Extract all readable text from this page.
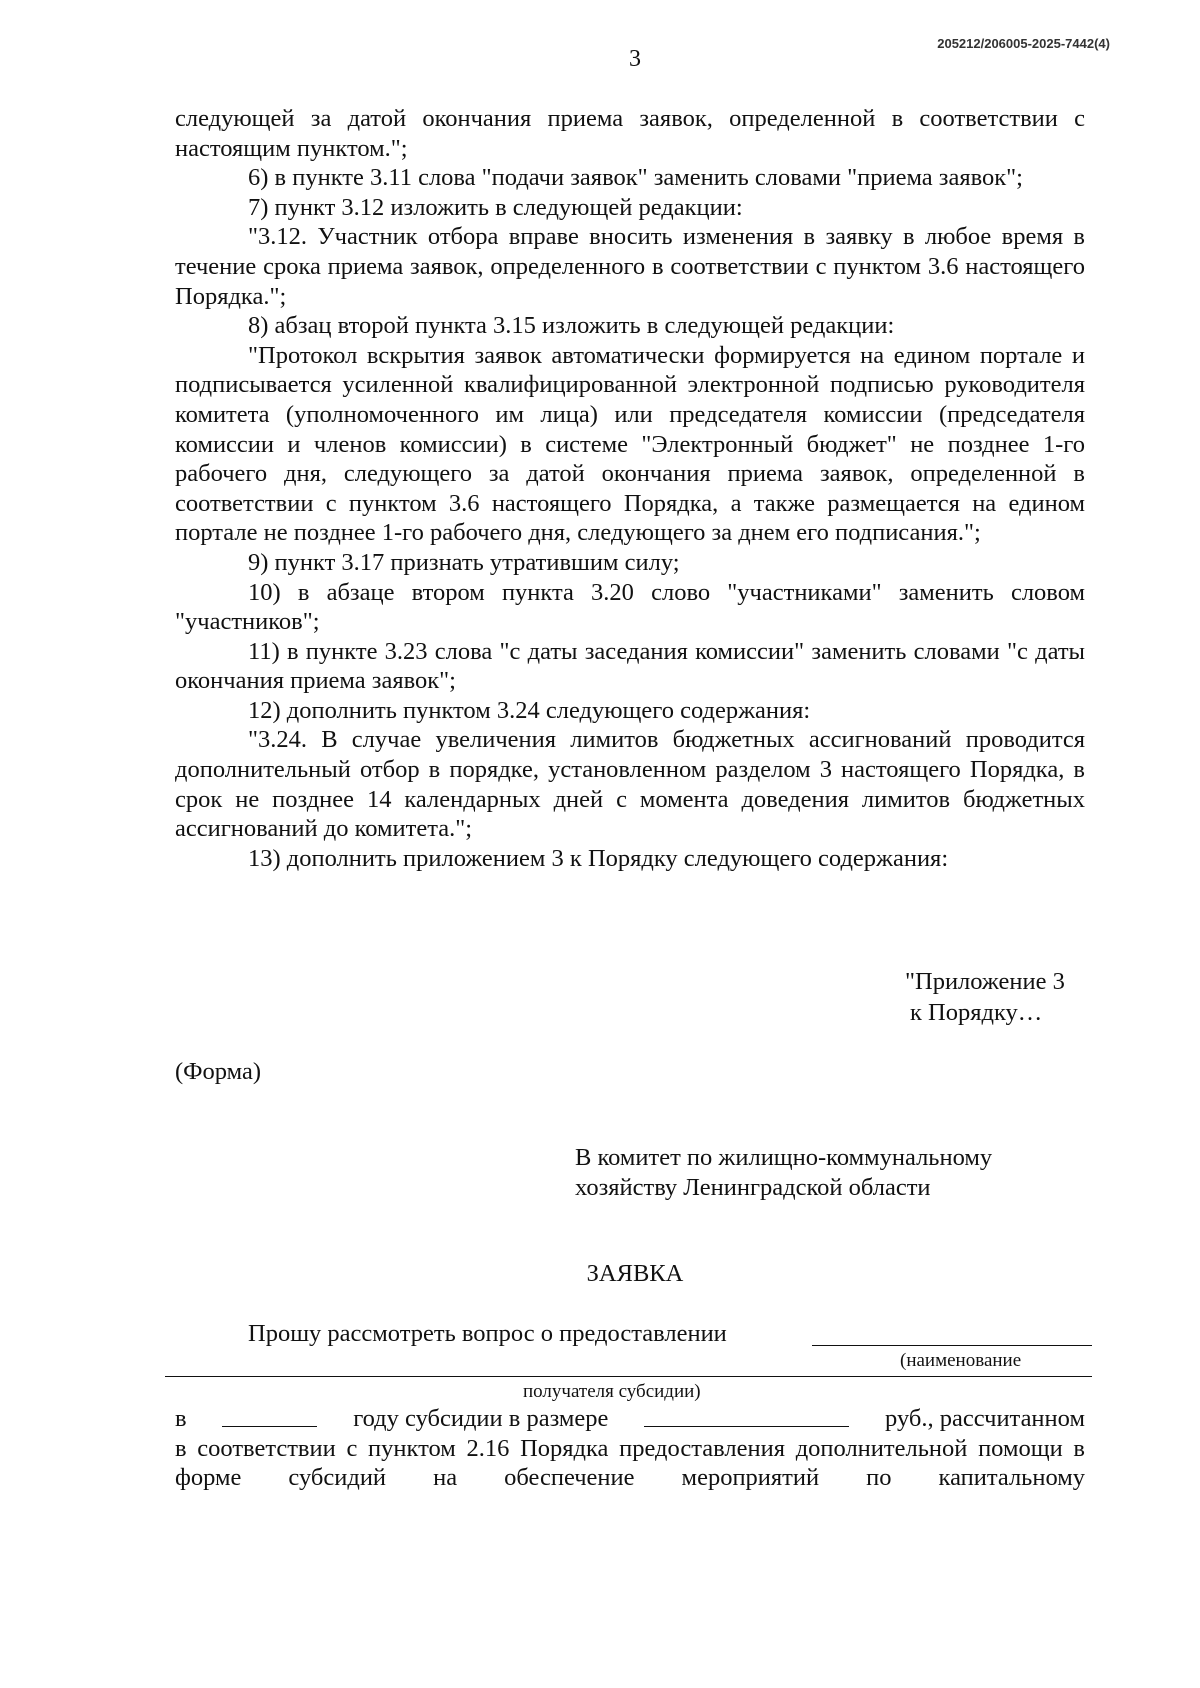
205212/206005-2025-7442(4)
3

следующей за датой окончания приема заявок, определенной в соответствии с настоящим пунктом.";

6) в пункте 3.11 слова "подачи заявок" заменить словами "приема заявок";

7) пункт 3.12 изложить в следующей редакции:

"3.12. Участник отбора вправе вносить изменения в заявку в любое время в течение срока приема заявок, определенного в соответствии с пунктом 3.6 настоящего Порядка.";

8) абзац второй пункта 3.15 изложить в следующей редакции:

"Протокол вскрытия заявок автоматически формируется на едином портале и подписывается усиленной квалифицированной электронной подписью руководителя комитета (уполномоченного им лица) или председателя комиссии (председателя комиссии и членов комиссии) в системе "Электронный бюджет" не позднее 1-го рабочего дня, следующего за датой окончания приема заявок, определенной в соответствии с пунктом 3.6 настоящего Порядка, а также размещается на едином портале не позднее 1-го рабочего дня, следующего за днем его подписания.";

9) пункт 3.17 признать утратившим силу;

10) в абзаце втором пункта 3.20 слово "участниками" заменить словом "участников";

11) в пункте 3.23 слова "с даты заседания комиссии" заменить словами "с даты окончания приема заявок";

12) дополнить пунктом 3.24 следующего содержания:

"3.24. В случае увеличения лимитов бюджетных ассигнований проводится дополнительный отбор в порядке, установленном разделом 3 настоящего Порядка, в срок не позднее 14 календарных дней с момента доведения лимитов бюджетных ассигнований до комитета.";

13) дополнить приложением 3 к Порядку следующего содержания:

"Приложение 3
к Порядку…
(Форма)
В комитет по жилищно-коммунальному
хозяйству Ленинградской области
ЗАЯВКА
Прошу рассмотреть вопрос о предоставлении
(наименование
получателя субсидии)
в	году субсидии в размере	руб., рассчитанном

в соответствии с пунктом 2.16 Порядка предоставления дополнительной помощи в форме субсидий на обеспечение мероприятий по капитальному
